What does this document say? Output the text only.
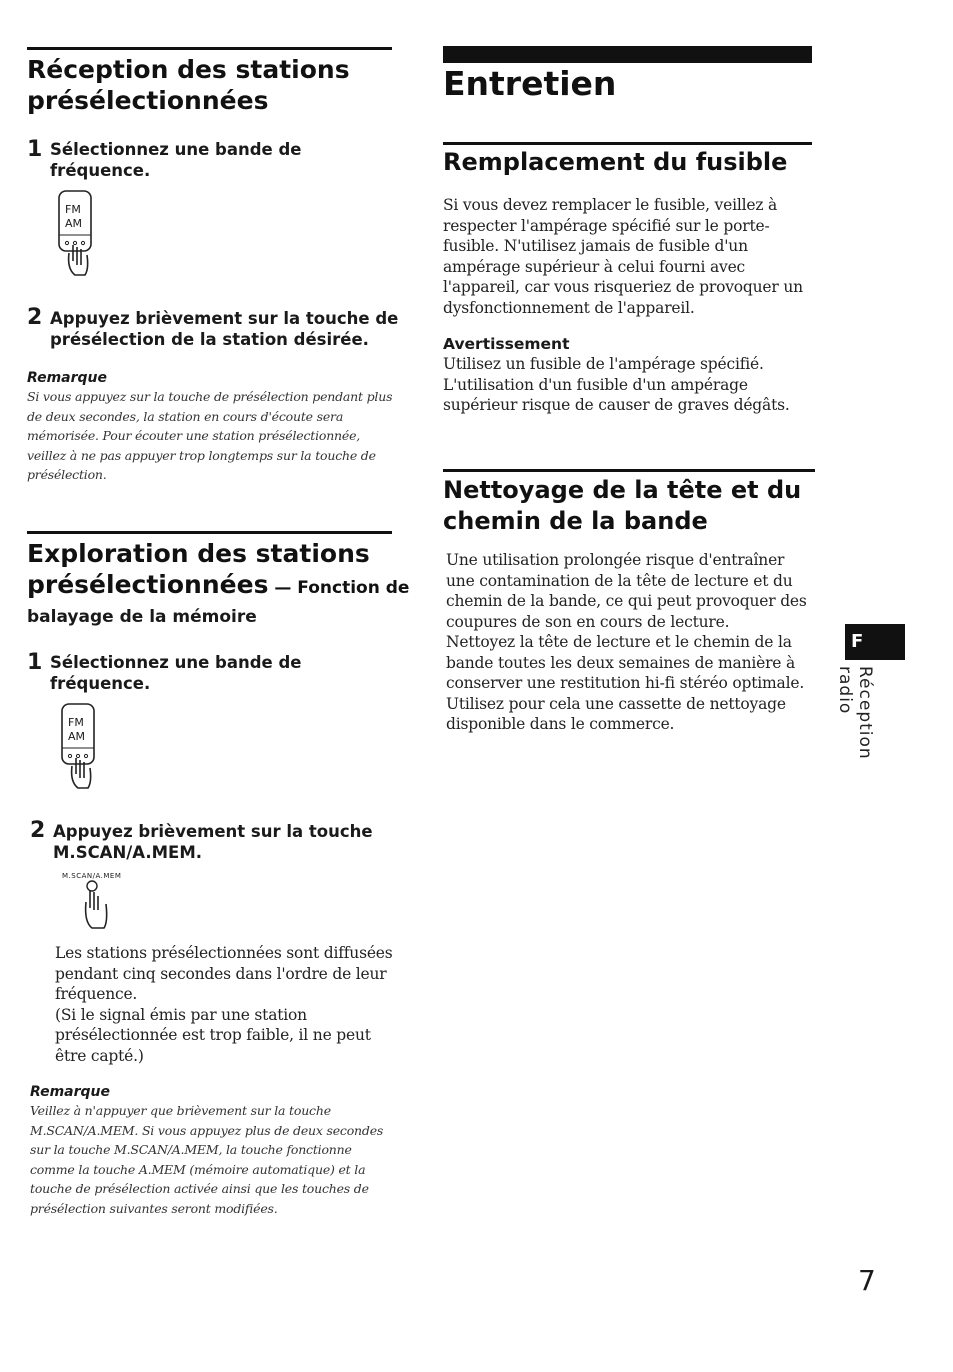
Réception des stations
présélectionnées
1 Sélectionnez une bande de
fréquence.
FM
AM
2 Appuyez brièvement sur la touche de
présélection de la station désirée.
Remarque
Si vous appuyez sur la touche de présélection pendant plus
de deux secondes, la station en cours d'écoute sera
mémorisée. Pour écouter une station présélectionnée,
veillez à ne pas appuyer trop longtemps sur la touche de
présélection.
Exploration des stations
présélectionnées — Fonction de
balayage de la mémoire
1 Sélectionnez une bande de
fréquence.
FM
AM
2 Appuyez brièvement sur la touche
M.SCAN/A.MEM.
M.SCAN/A.MEM
Les stations présélectionnées sont diffusées
pendant cinq secondes dans l'ordre de leur
fréquence.
(Si le signal émis par une station
présélectionnée est trop faible, il ne peut
être capté.)
Remarque
Veillez à n'appuyer que brièvement sur la touche
M.SCAN/A.MEM. Si vous appuyez plus de deux secondes
sur la touche M.SCAN/A.MEM, la touche fonctionne
comme la touche A.MEM (mémoire automatique) et la
touche de présélection activée ainsi que les touches de
présélection suivantes seront modifiées.
Entretien
Remplacement du fusible
Si vous devez remplacer le fusible, veillez à
respecter l'ampérage spécifié sur le porte-
fusible. N'utilisez jamais de fusible d'un
ampérage supérieur à celui fourni avec
l'appareil, car vous risqueriez de provoquer un
dysfonctionnement de l'appareil.
Avertissement
Utilisez un fusible de l'ampérage spécifié.
L'utilisation d'un fusible d'un ampérage
supérieur risque de causer de graves dégâts.
Nettoyage de la tête et du
chemin de la bande
Une utilisation prolongée risque d'entraîner
une contamination de la tête de lecture et du
chemin de la bande, ce qui peut provoquer des
coupures de son en cours de lecture.
Nettoyez la tête de lecture et le chemin de la
bande toutes les deux semaines de manière à
conserver une restitution hi-fi stéréo optimale.
Utilisez pour cela une cassette de nettoyage
disponible dans le commerce.
F
Réception radio
7
